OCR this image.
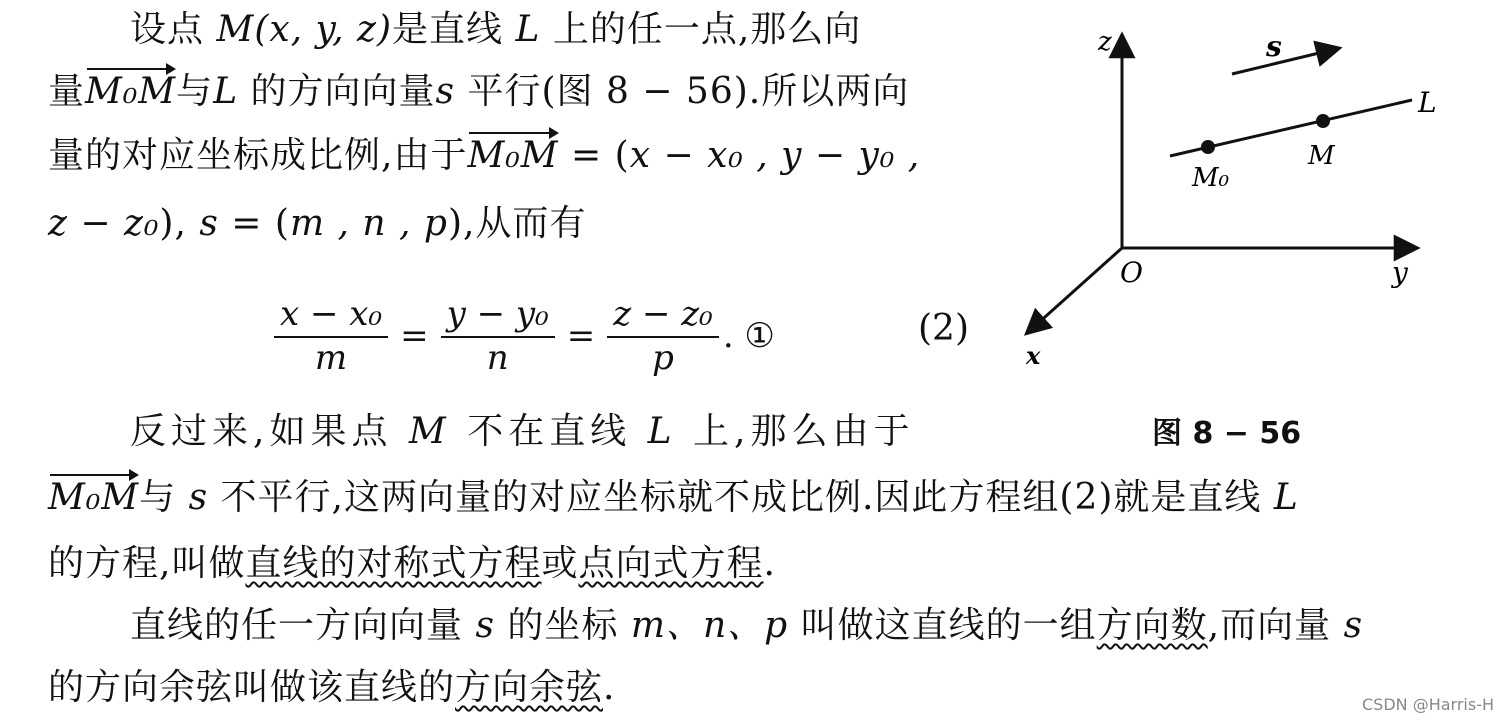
设点 M(x, y, z)是直线 L 上的任一点,那么向
量M₀M与L 的方向向量s 平行(图 8 − 56).所以两向
量的对应坐标成比例,由于M₀M = (x − x₀ , y − y₀ ,
z − z₀), s = (m , n , p),从而有
$\frac{\text{x − x₀}}{m} = \frac{\text{y − y₀}}{n} = \frac{\text{z − z₀}}{p}$ . ①	(2)
z
y
x
O
s
L
M₀
M
图 8 − 56
反过来,如果点 M 不在直线 L 上,那么由于
M₀M与 s 不平行,这两向量的对应坐标就不成比例.因此方程组(2)就是直线 L
的方程,叫做直线的对称式方程或点向式方程.
直线的任一方向向量 s 的坐标 m、n、p 叫做这直线的一组方向数,而向量 s
的方向余弦叫做该直线的方向余弦.	CSDN @Harris-H
